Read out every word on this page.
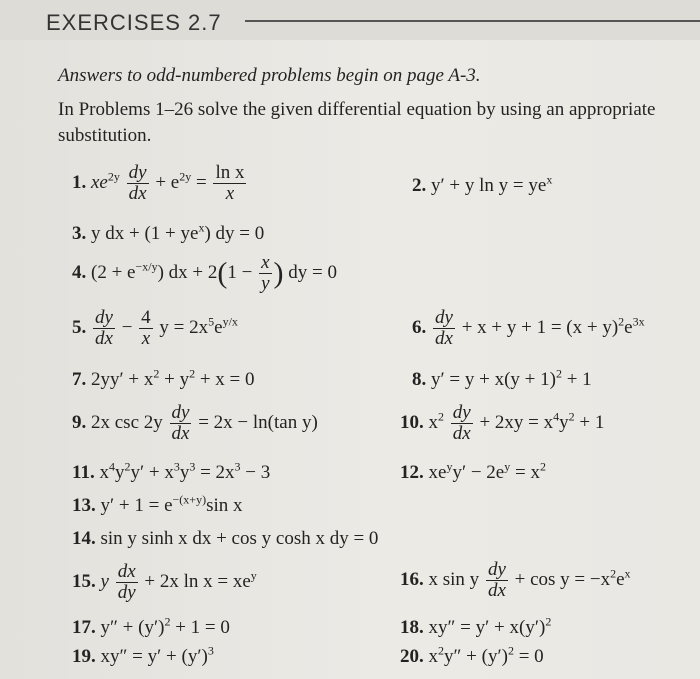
EXERCISES 2.7
Answers to odd-numbered problems begin on page A-3.
In Problems 1–26 solve the given differential equation by using an appropriate substitution.
1. $xe^{2y} \frac{dy}{dx} + e^{2y} = \frac{\text{ln x}}{x}$	2. y′ + y $\ln y = ye^x$
3. y dx + $(1 + ye^x)$ dy = 0
4. $(2 + e^{-x/y})$ dx + $2(1 - \frac{x}{y}$ ) dy = 0
5. $\frac{dy}{dx} - \frac{4}{x}$ $y = 2x^5e^{y/x}$	6. $\frac{dy}{dx} + x + y + 1 = (x + y)^2e^{3x}$
7. $2yy' + x^2 + y^2 + x = 0$	8. $y' = y + x(y + 1)^2 + 1$
9. 2x $\csc 2y \frac{dy}{dx} = 2x - \ln(\tan$ y)	10. $x^2 \frac{dy}{dx} + 2xy = x^4y^2 + 1$
11. $x^4y^2y' + x^3y^3 = 2x^3 - 3$	12. $xe^yy' - 2e^y = x^2$
13. $y' + 1 = e^{-(x+y)}\sin$ x
14. sin y sinh x dx + cos y cosh x dy = 0
15. y $\frac{dx}{dy} + 2x$ $\ln x = xe^y$	16. x sin y $\frac{dy}{dx} + \cos y = -x^2e^x$
17. $y'' + (y')^2 + 1 = 0$	18. $xy'' = y' + x(y')^2$
19. $xy'' = y' + (y')^3$	20. $x^2y'' + (y')^2 = 0$
